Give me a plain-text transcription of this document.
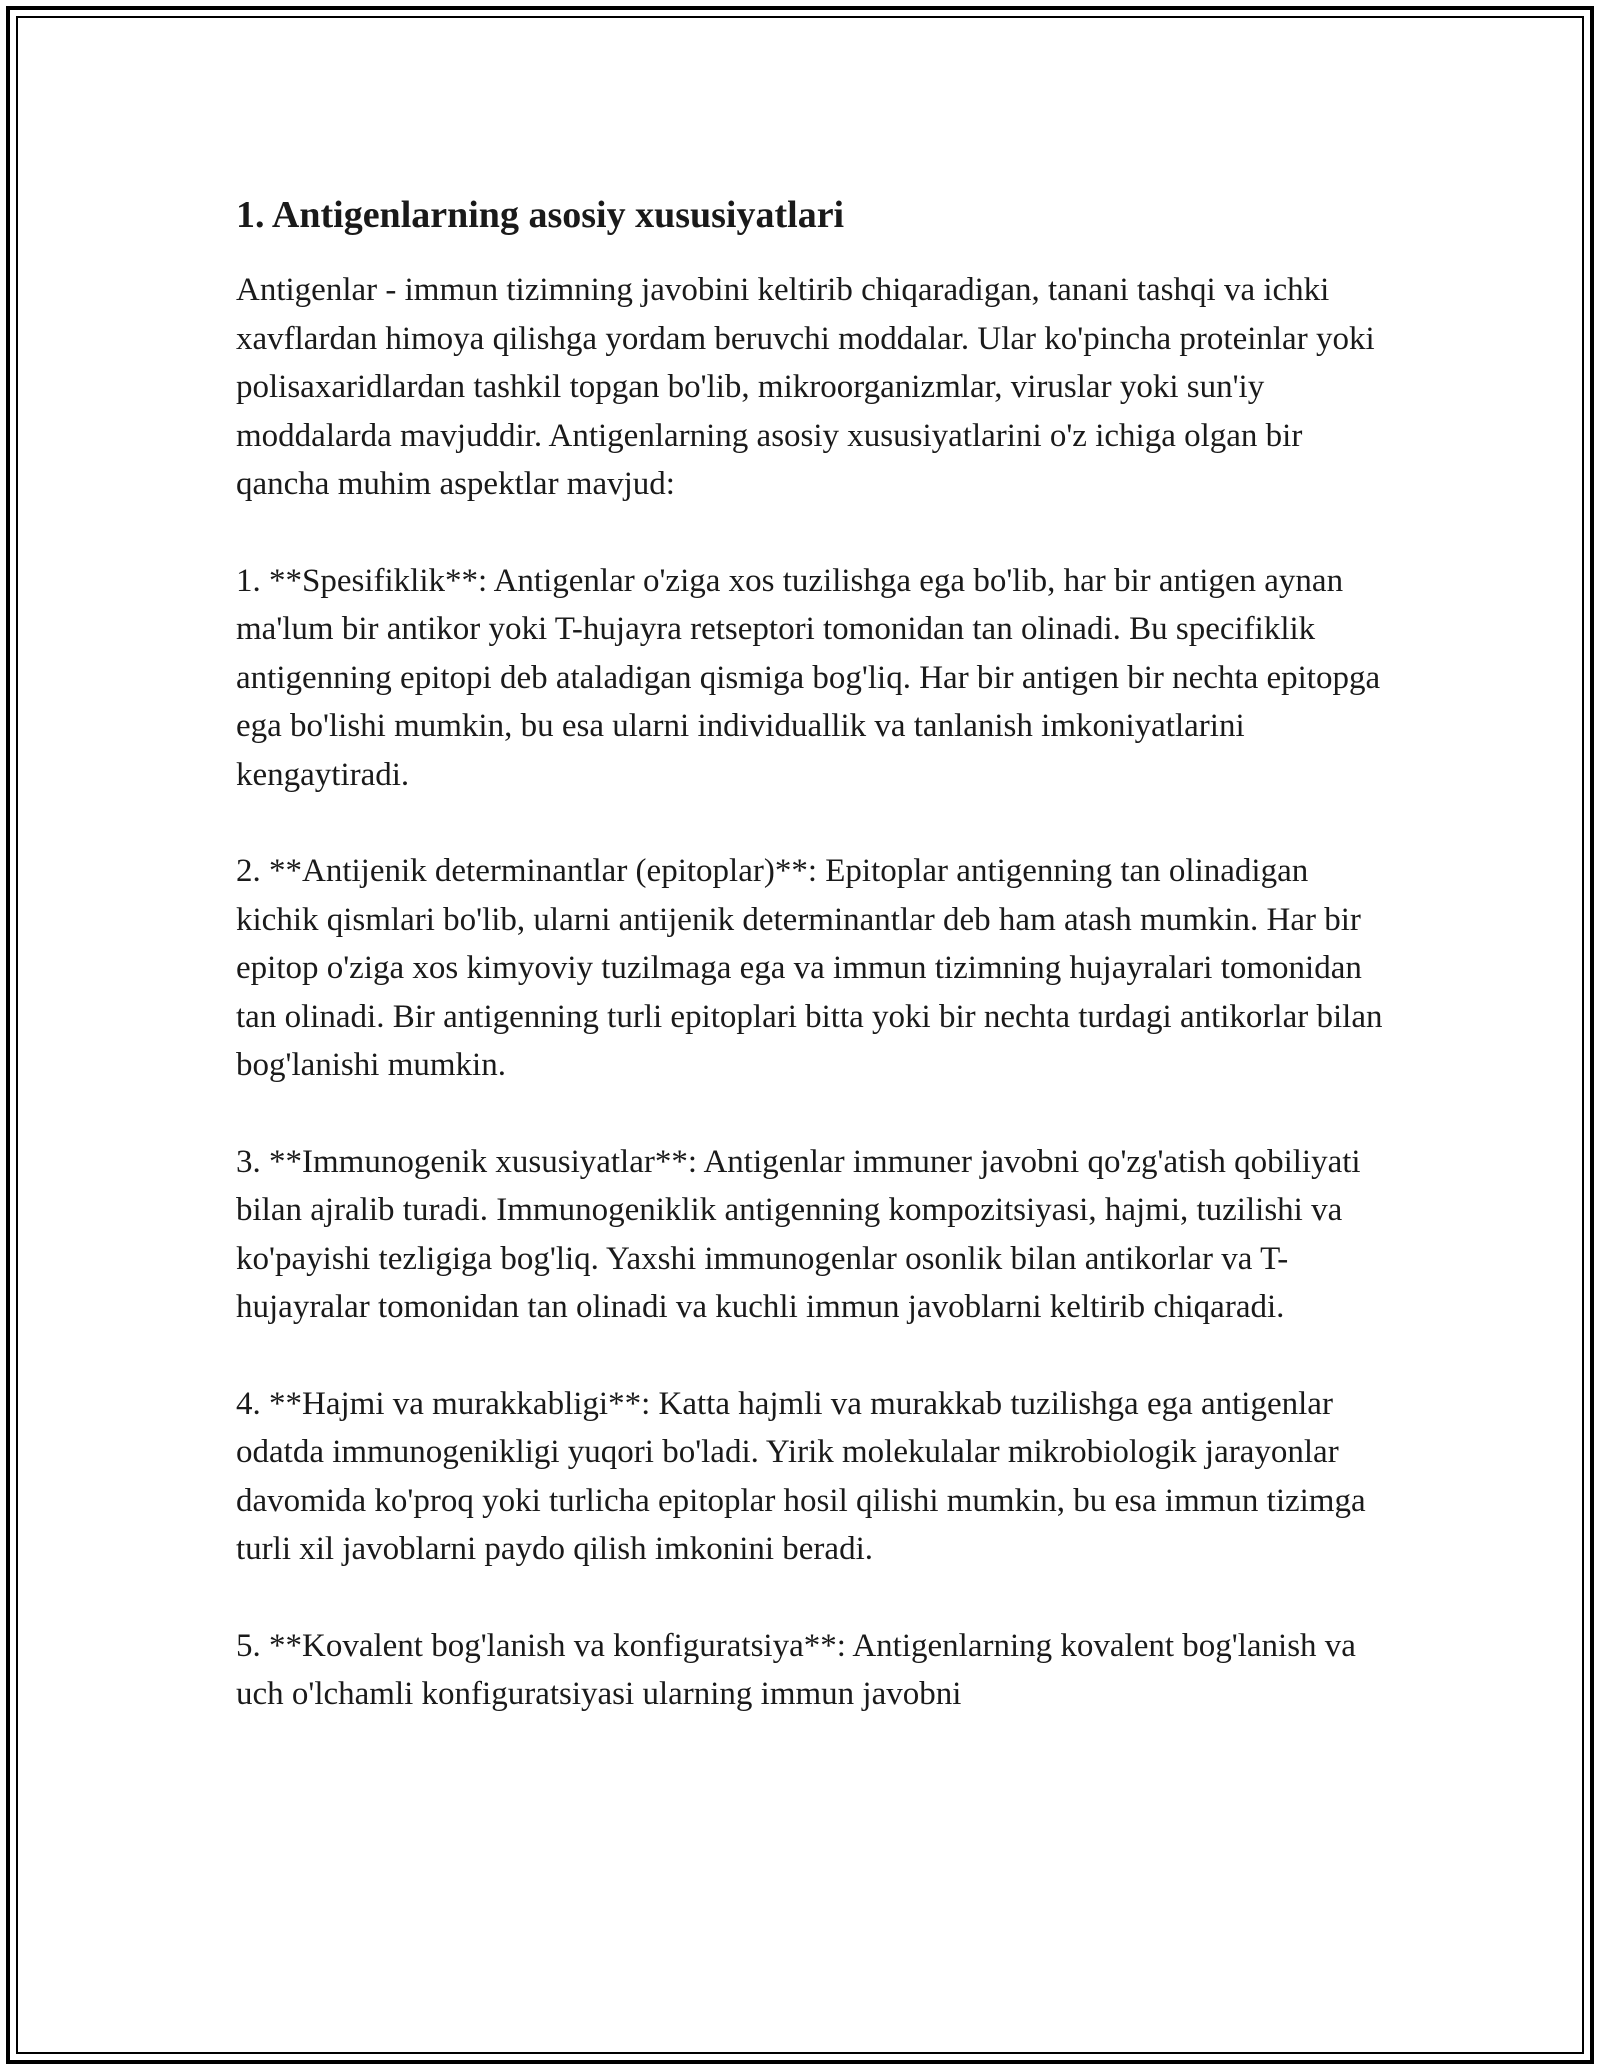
1. Antigenlarning asosiy xususiyatlari

Antigenlar - immun tizimning javobini keltirib chiqaradigan, tanani tashqi va ichki xavflardan himoya qilishga yordam beruvchi moddalar. Ular ko'pincha proteinlar yoki polisaxaridlardan tashkil topgan bo'lib, mikroorganizmlar, viruslar yoki sun'iy moddalarda mavjuddir. Antigenlarning asosiy xususiyatlarini o'z ichiga olgan bir qancha muhim aspektlar mavjud:

1. **Spesifiklik**: Antigenlar o'ziga xos tuzilishga ega bo'lib, har bir antigen aynan ma'lum bir antikor yoki T-hujayra retseptori tomonidan tan olinadi. Bu specifiklik antigenning epitopi deb ataladigan qismiga bog'liq. Har bir antigen bir nechta epitopga ega bo'lishi mumkin, bu esa ularni individuallik va tanlanish imkoniyatlarini kengaytiradi.

2. **Antijenik determinantlar (epitoplar)**: Epitoplar antigenning tan olinadigan kichik qismlari bo'lib, ularni antijenik determinantlar deb ham atash mumkin. Har bir epitop o'ziga xos kimyoviy tuzilmaga ega va immun tizimning hujayralari tomonidan tan olinadi. Bir antigenning turli epitoplari bitta yoki bir nechta turdagi antikorlar bilan bog'lanishi mumkin.

3. **Immunogenik xususiyatlar**: Antigenlar immuner javobni qo'zg'atish qobiliyati bilan ajralib turadi. Immunogeniklik antigenning kompozitsiyasi, hajmi, tuzilishi va ko'payishi tezligiga bog'liq. Yaxshi immunogenlar osonlik bilan antikorlar va T-hujayralar tomonidan tan olinadi va kuchli immun javoblarni keltirib chiqaradi.

4. **Hajmi va murakkabligi**: Katta hajmli va murakkab tuzilishga ega antigenlar odatda immunogenikligi yuqori bo'ladi. Yirik molekulalar mikrobiologik jarayonlar davomida ko'proq yoki turlicha epitoplar hosil qilishi mumkin, bu esa immun tizimga turli xil javoblarni paydo qilish imkonini beradi.

5. **Kovalent bog'lanish va konfiguratsiya**: Antigenlarning kovalent bog'lanish va uch o'lchamli konfiguratsiyasi ularning immun javobni
